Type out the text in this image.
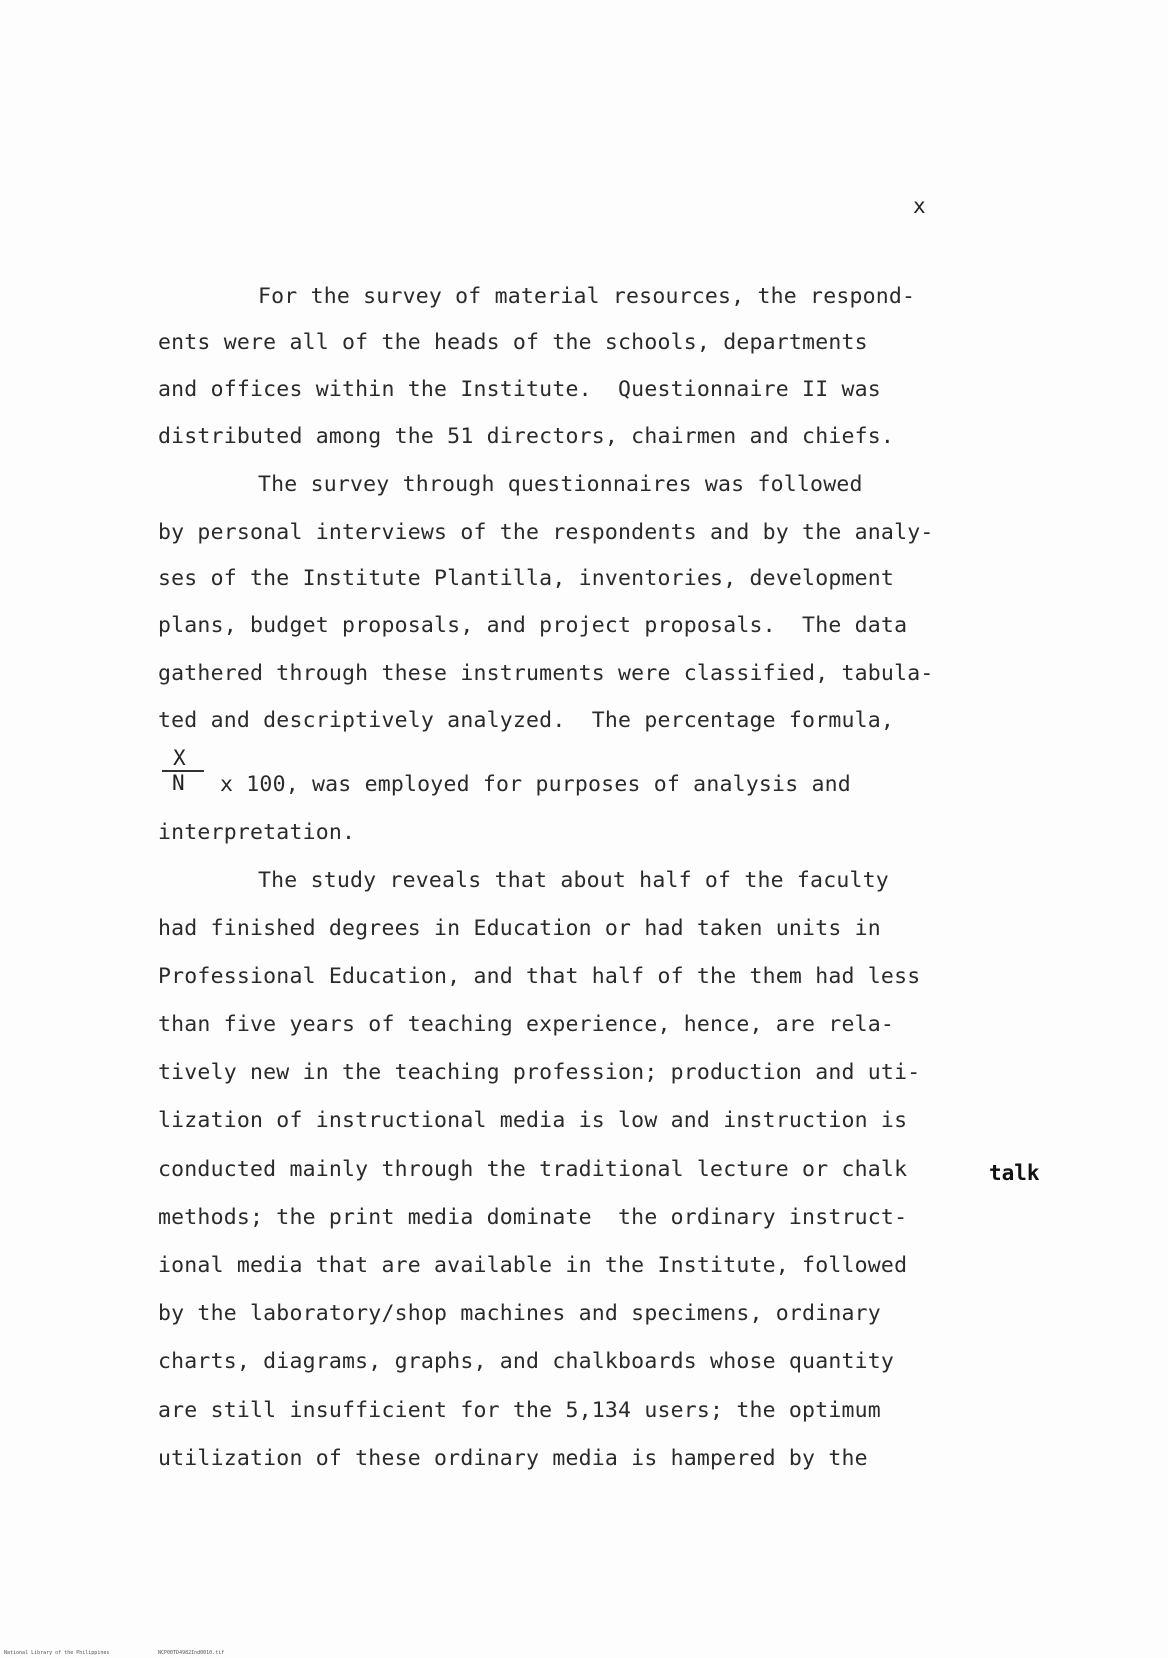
x
For the survey of material resources, the respond-
ents were all of the heads of the schools, departments
and offices within the Institute.  Questionnaire II was
distributed among the 51 directors, chairmen and chiefs.
The survey through questionnaires was followed
by personal interviews of the respondents and by the analy-
ses of the Institute Plantilla, inventories, development
plans, budget proposals, and project proposals.  The data
gathered through these instruments were classified, tabula-
ted and descriptively analyzed.  The percentage formula,
X
N x 100, was employed for purposes of analysis and
interpretation.
The study reveals that about half of the faculty
had finished degrees in Education or had taken units in
Professional Education, and that half of the them had less
than five years of teaching experience, hence, are rela-
tively new in the teaching profession; production and uti-
lization of instructional media is low and instruction is
conducted mainly through the traditional lecture or chalk	talk
methods; the print media dominate  the ordinary instruct-
ional media that are available in the Institute, followed
by the laboratory/shop machines and specimens, ordinary
charts, diagrams, graphs, and chalkboards whose quantity
are still insufficient for the 5,134 users; the optimum
utilization of these ordinary media is hampered by the
National Library of the Philippines	NCP00TD4982Ind0010.tif
